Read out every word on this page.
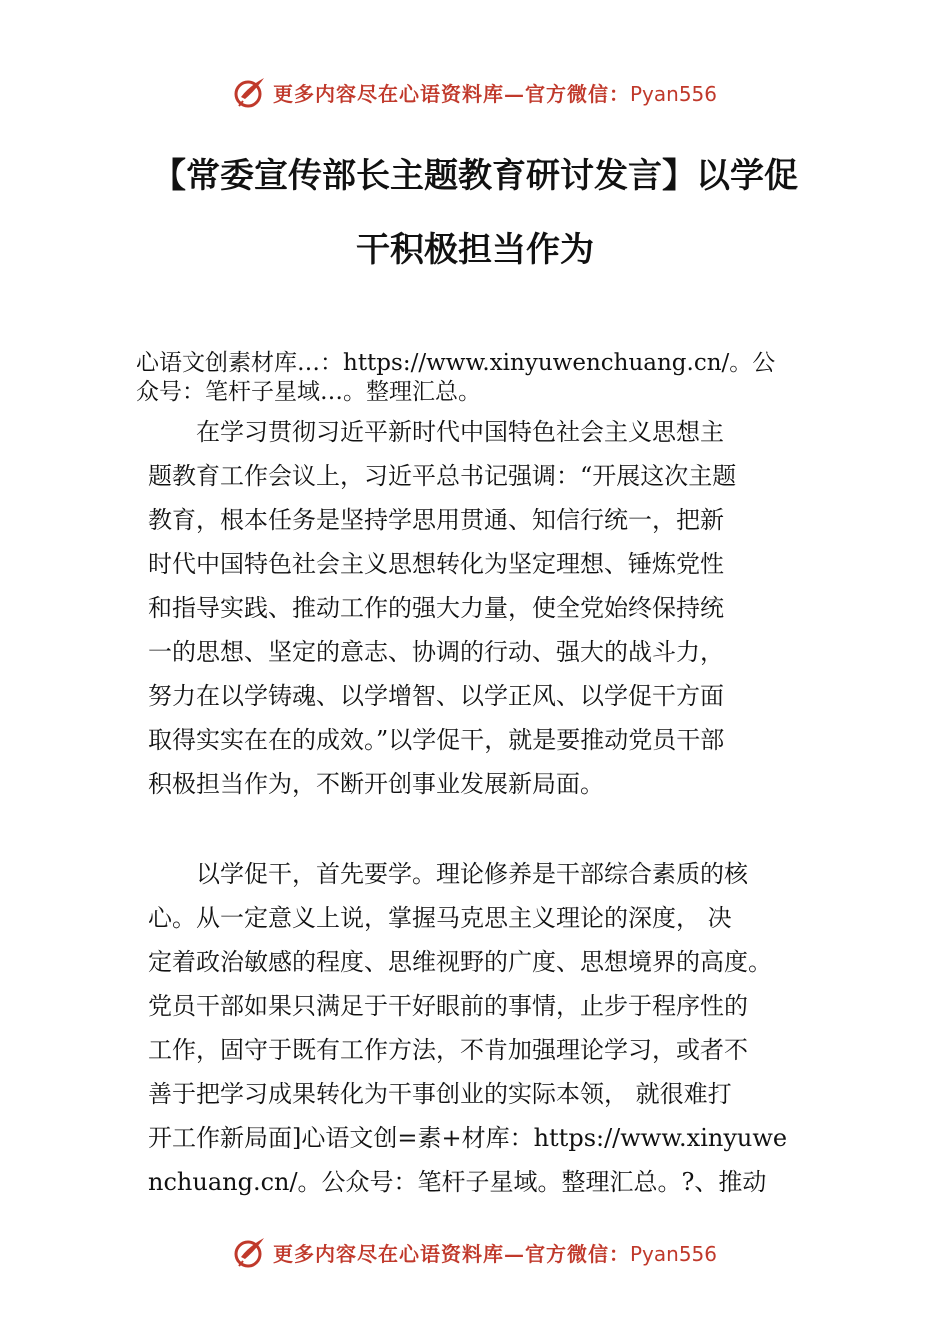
更多内容尽在心语资料库—官方微信：Pyan556
【常委宣传部长主题教育研讨发言】以学促
干积极担当作为
心语文创素材库…：https://www.xinyuwenchuang.cn/。公
众号：笔杆子星域…。整理汇总。
在学习贯彻习近平新时代中国特色社会主义思想主
题教育工作会议上，习近平总书记强调：“开展这次主题
教育，根本任务是坚持学思用贯通、知信行统一，把新
时代中国特色社会主义思想转化为坚定理想、锤炼党性
和指导实践、推动工作的强大力量，使全党始终保持统
一的思想、坚定的意志、协调的行动、强大的战斗力，
努力在以学铸魂、以学增智、以学正风、以学促干方面
取得实实在在的成效。”以学促干，就是要推动党员干部
积极担当作为，不断开创事业发展新局面。
以学促干，首先要学。理论修养是干部综合素质的核
心。从一定意义上说，掌握马克思主义理论的深度， 决
定着政治敏感的程度、思维视野的广度、思想境界的高度。
党员干部如果只满足于干好眼前的事情，止步于程序性的
工作，固守于既有工作方法，不肯加强理论学习，或者不
善于把学习成果转化为干事创业的实际本领， 就很难打
开工作新局面]心语文创=素+材库：https://www.xinyuwe
nchuang.cn/。公众号：笔杆子星域。整理汇总。?、推动
更多内容尽在心语资料库—官方微信：Pyan556
